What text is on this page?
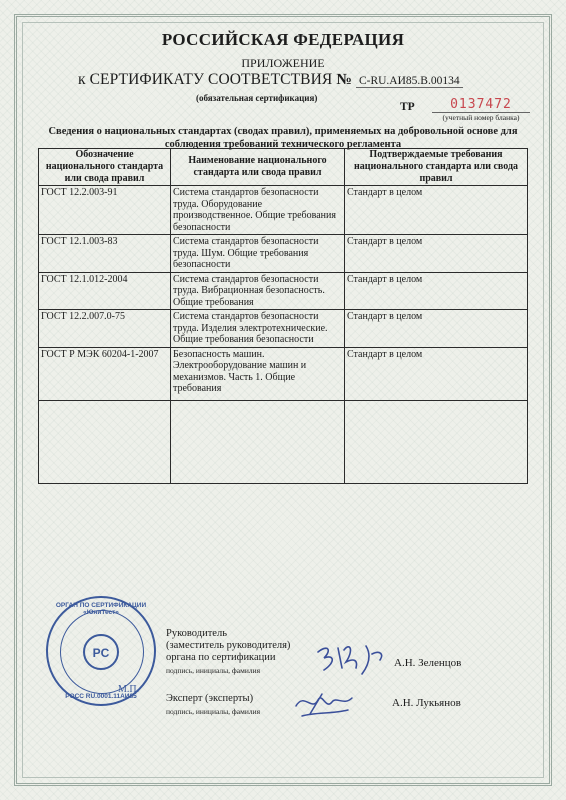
РОССИЙСКАЯ ФЕДЕРАЦИЯ
ПРИЛОЖЕНИЕ
к СЕРТИФИКАТУ СООТВЕТСТВИЯ № С-RU.АИ85.В.00134
(обязательная сертификация)
ТР	0137472
(учетный номер бланка)
Сведения о национальных стандартах (сводах правил), применяемых на добровольной основе для соблюдения требований технического регламента
Обозначение национального стандарта или свода правил	Наименование национального стандарта или свода правил	Подтверждаемые требования национального стандарта или свода правил
ГОСТ 12.2.003-91	Система стандартов безопасности труда. Оборудование производственное. Общие требования безопасности	Стандарт в целом
ГОСТ 12.1.003-83	Система стандартов безопасности труда. Шум. Общие требования безопасности	Стандарт в целом
ГОСТ 12.1.012-2004	Система стандартов безопасности труда. Вибрационная безопасность. Общие требования	Стандарт в целом
ГОСТ 12.2.007.0-75	Система стандартов безопасности труда. Изделия электротехнические. Общие требования безопасности	Стандарт в целом
ГОСТ Р МЭК 60204-1-2007	Безопасность машин. Электрооборудование машин и механизмов. Часть 1. Общие требования	Стандарт в целом

ОРГАН ПО СЕРТИФИКАЦИИ «ЮниТест»
PC
РОСС RU.0001.11АИ85
М.П.
Руководитель
(заместитель руководителя)
органа по сертификации
подпись, инициалы, фамилия
А.Н. Зеленцов
Эксперт (эксперты)
подпись, инициалы, фамилия
А.Н. Лукьянов
